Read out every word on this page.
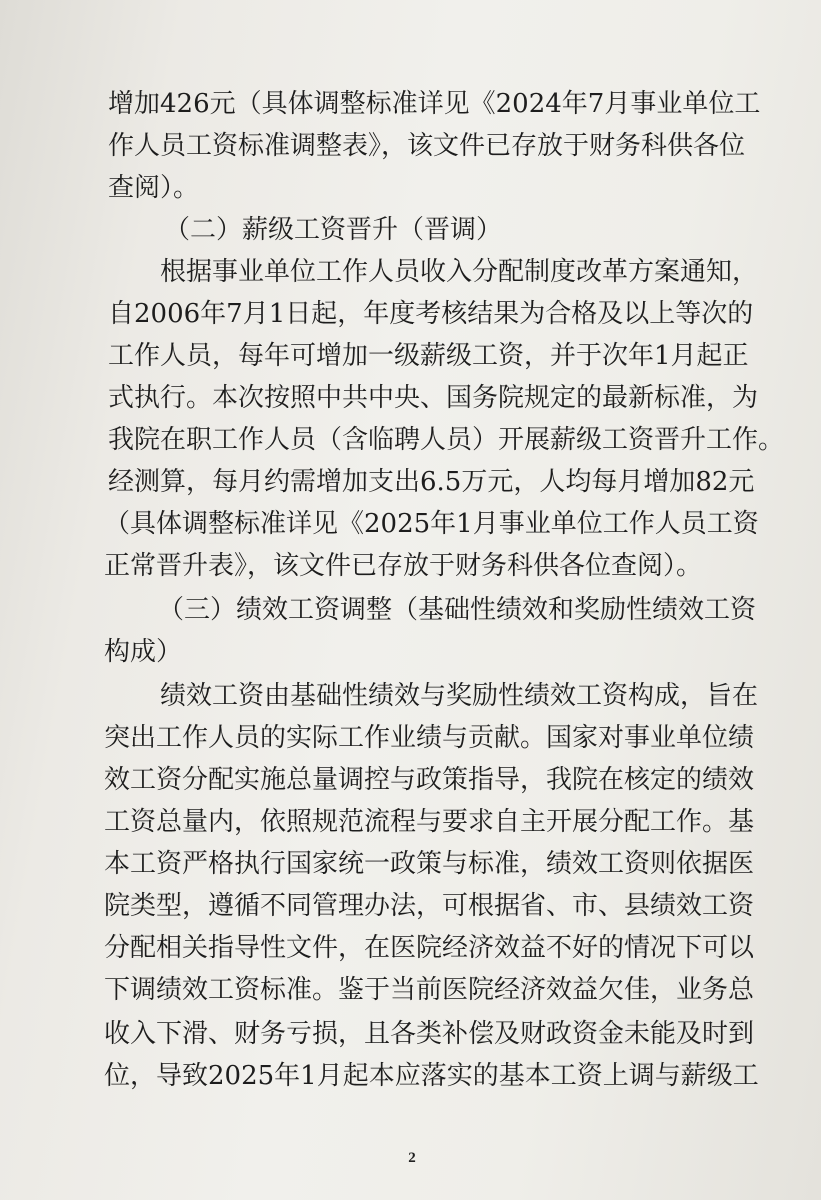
增加426元（具体调整标准详见《2024年7月事业单位工
作人员工资标准调整表》，该文件已存放于财务科供各位
查阅）。
（二）薪级工资晋升（晋调）
根据事业单位工作人员收入分配制度改革方案通知，
自2006年7月1日起，年度考核结果为合格及以上等次的
工作人员，每年可增加一级薪级工资，并于次年1月起正
式执行。本次按照中共中央、国务院规定的最新标准，为
我院在职工作人员（含临聘人员）开展薪级工资晋升工作。
经测算，每月约需增加支出6.5万元，人均每月增加82元
（具体调整标准详见《2025年1月事业单位工作人员工资
正常晋升表》，该文件已存放于财务科供各位查阅）。
（三）绩效工资调整（基础性绩效和奖励性绩效工资
构成）
绩效工资由基础性绩效与奖励性绩效工资构成，旨在
突出工作人员的实际工作业绩与贡献。国家对事业单位绩
效工资分配实施总量调控与政策指导，我院在核定的绩效
工资总量内，依照规范流程与要求自主开展分配工作。基
本工资严格执行国家统一政策与标准，绩效工资则依据医
院类型，遵循不同管理办法，可根据省、市、县绩效工资
分配相关指导性文件，在医院经济效益不好的情况下可以
下调绩效工资标准。鉴于当前医院经济效益欠佳，业务总
收入下滑、财务亏损，且各类补偿及财政资金未能及时到
位，导致2025年1月起本应落实的基本工资上调与薪级工
2
